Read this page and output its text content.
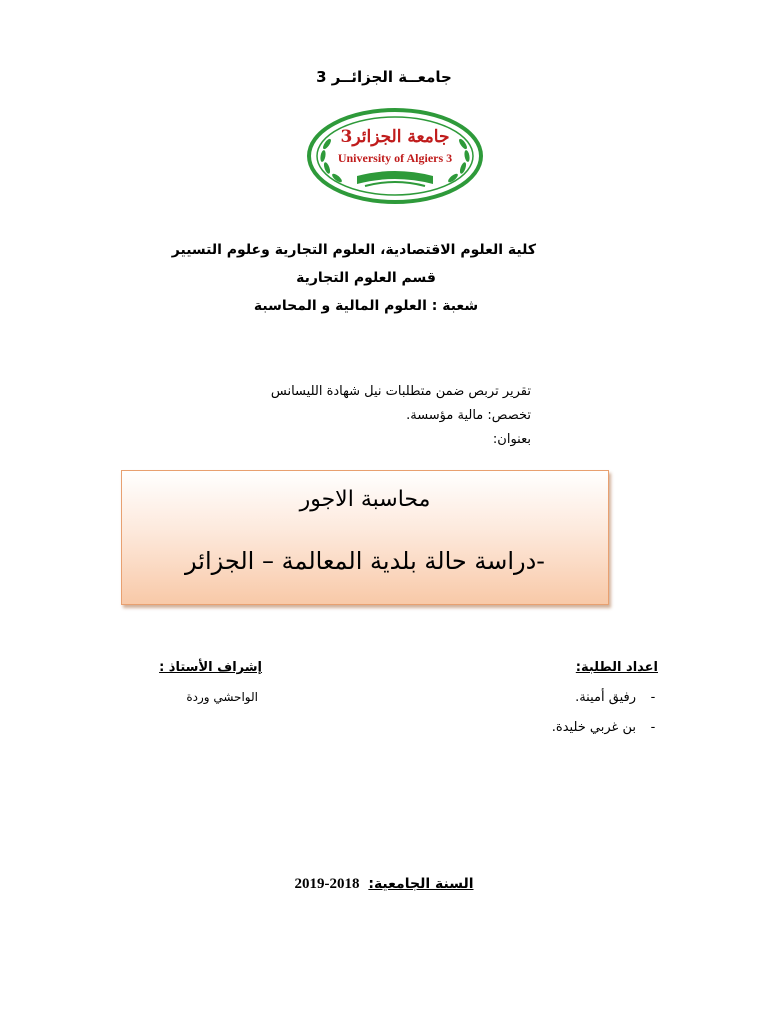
جامعــة الجزائــر 3
جامعة الجزائر3
University of Algiers 3
كلية العلوم الاقتصادية، العلوم التجارية وعلوم التسيير
قسم العلوم التجارية
شعبة : العلوم المالية و المحاسبة
تقرير تربص ضمن متطلبات نيل شهادة الليسانس
تخصص: مالية مؤسسة.
بعنوان:
محاسبة الاجور
-دراسة حالة بلدية المعالمة – الجزائر
اعداد الطلبة:
-
رفيق أمينة.
-
بن غربي خليدة.
إشراف الأستاذ :
الواحشي وردة
السنة الجامعية: 2019-2018
